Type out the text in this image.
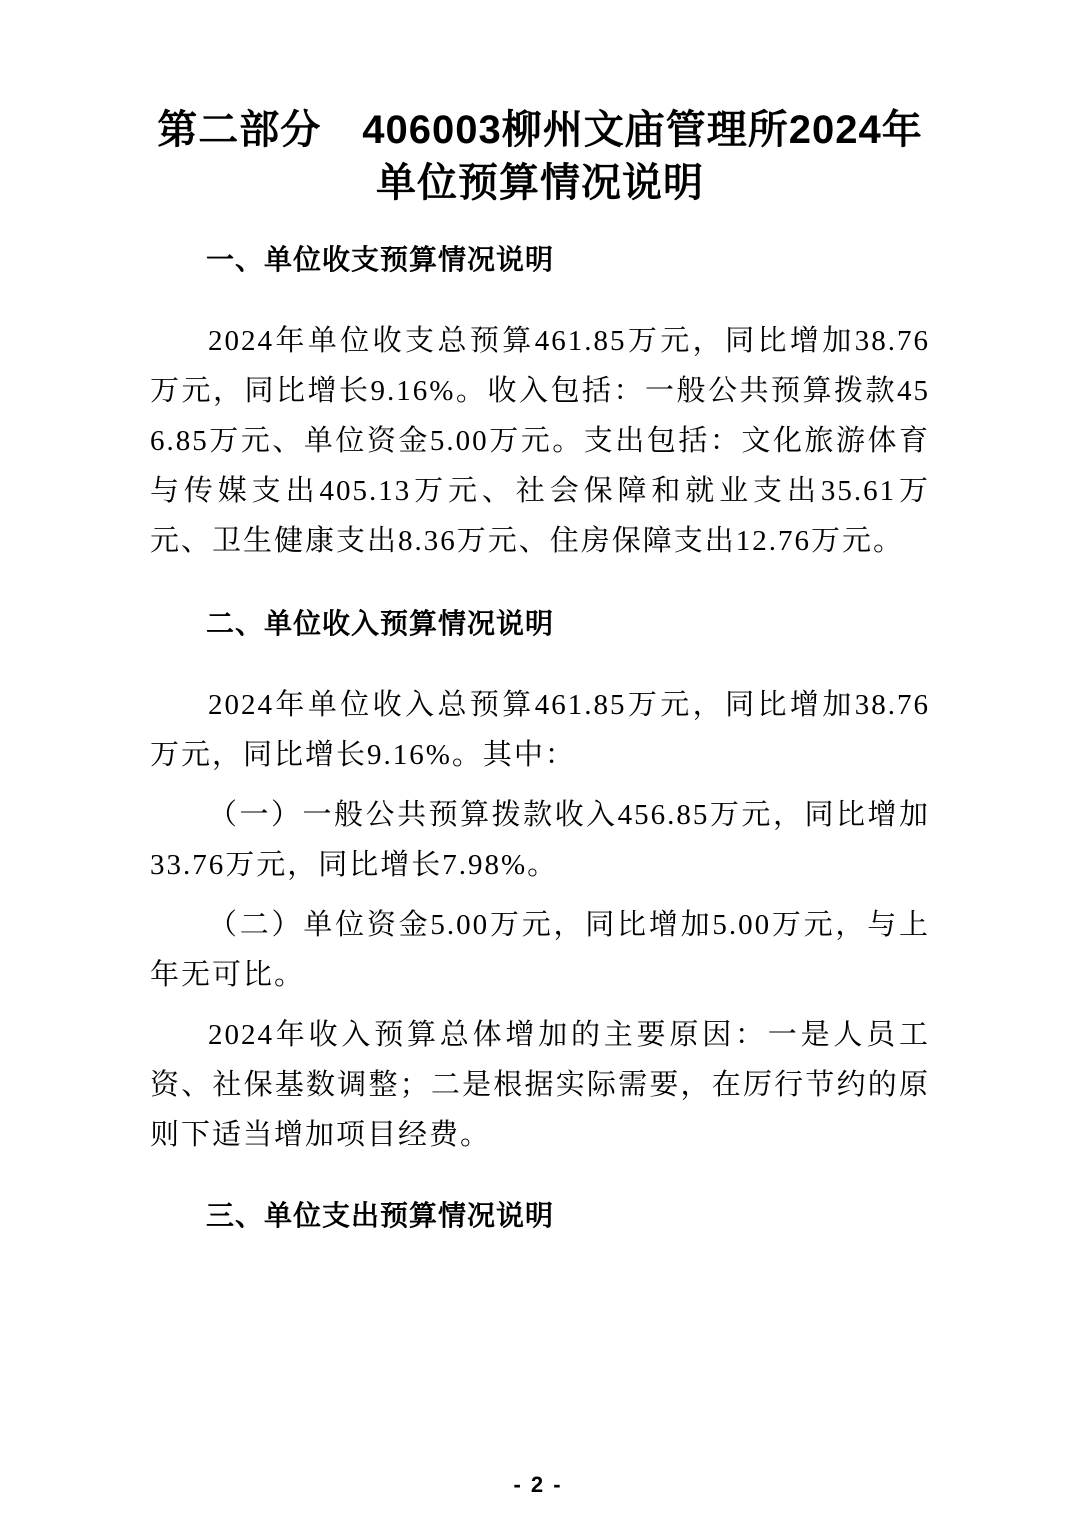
第二部分　406003柳州文庙管理所2024年单位预算情况说明
一、单位收支预算情况说明

2024年单位收支总预算461.85万元，同比增加38.76万元，同比增长9.16%。收入包括：一般公共预算拨款456.85万元、单位资金5.00万元。支出包括：文化旅游体育与传媒支出405.13万元、社会保障和就业支出35.61万元、卫生健康支出8.36万元、住房保障支出12.76万元。

二、单位收入预算情况说明

2024年单位收入总预算461.85万元，同比增加38.76万元，同比增长9.16%。其中：

（一）一般公共预算拨款收入456.85万元，同比增加33.76万元，同比增长7.98%。

（二）单位资金5.00万元，同比增加5.00万元，与上年无可比。

2024年收入预算总体增加的主要原因：一是人员工资、社保基数调整；二是根据实际需要，在厉行节约的原则下适当增加项目经费。

三、单位支出预算情况说明
- 2 -
